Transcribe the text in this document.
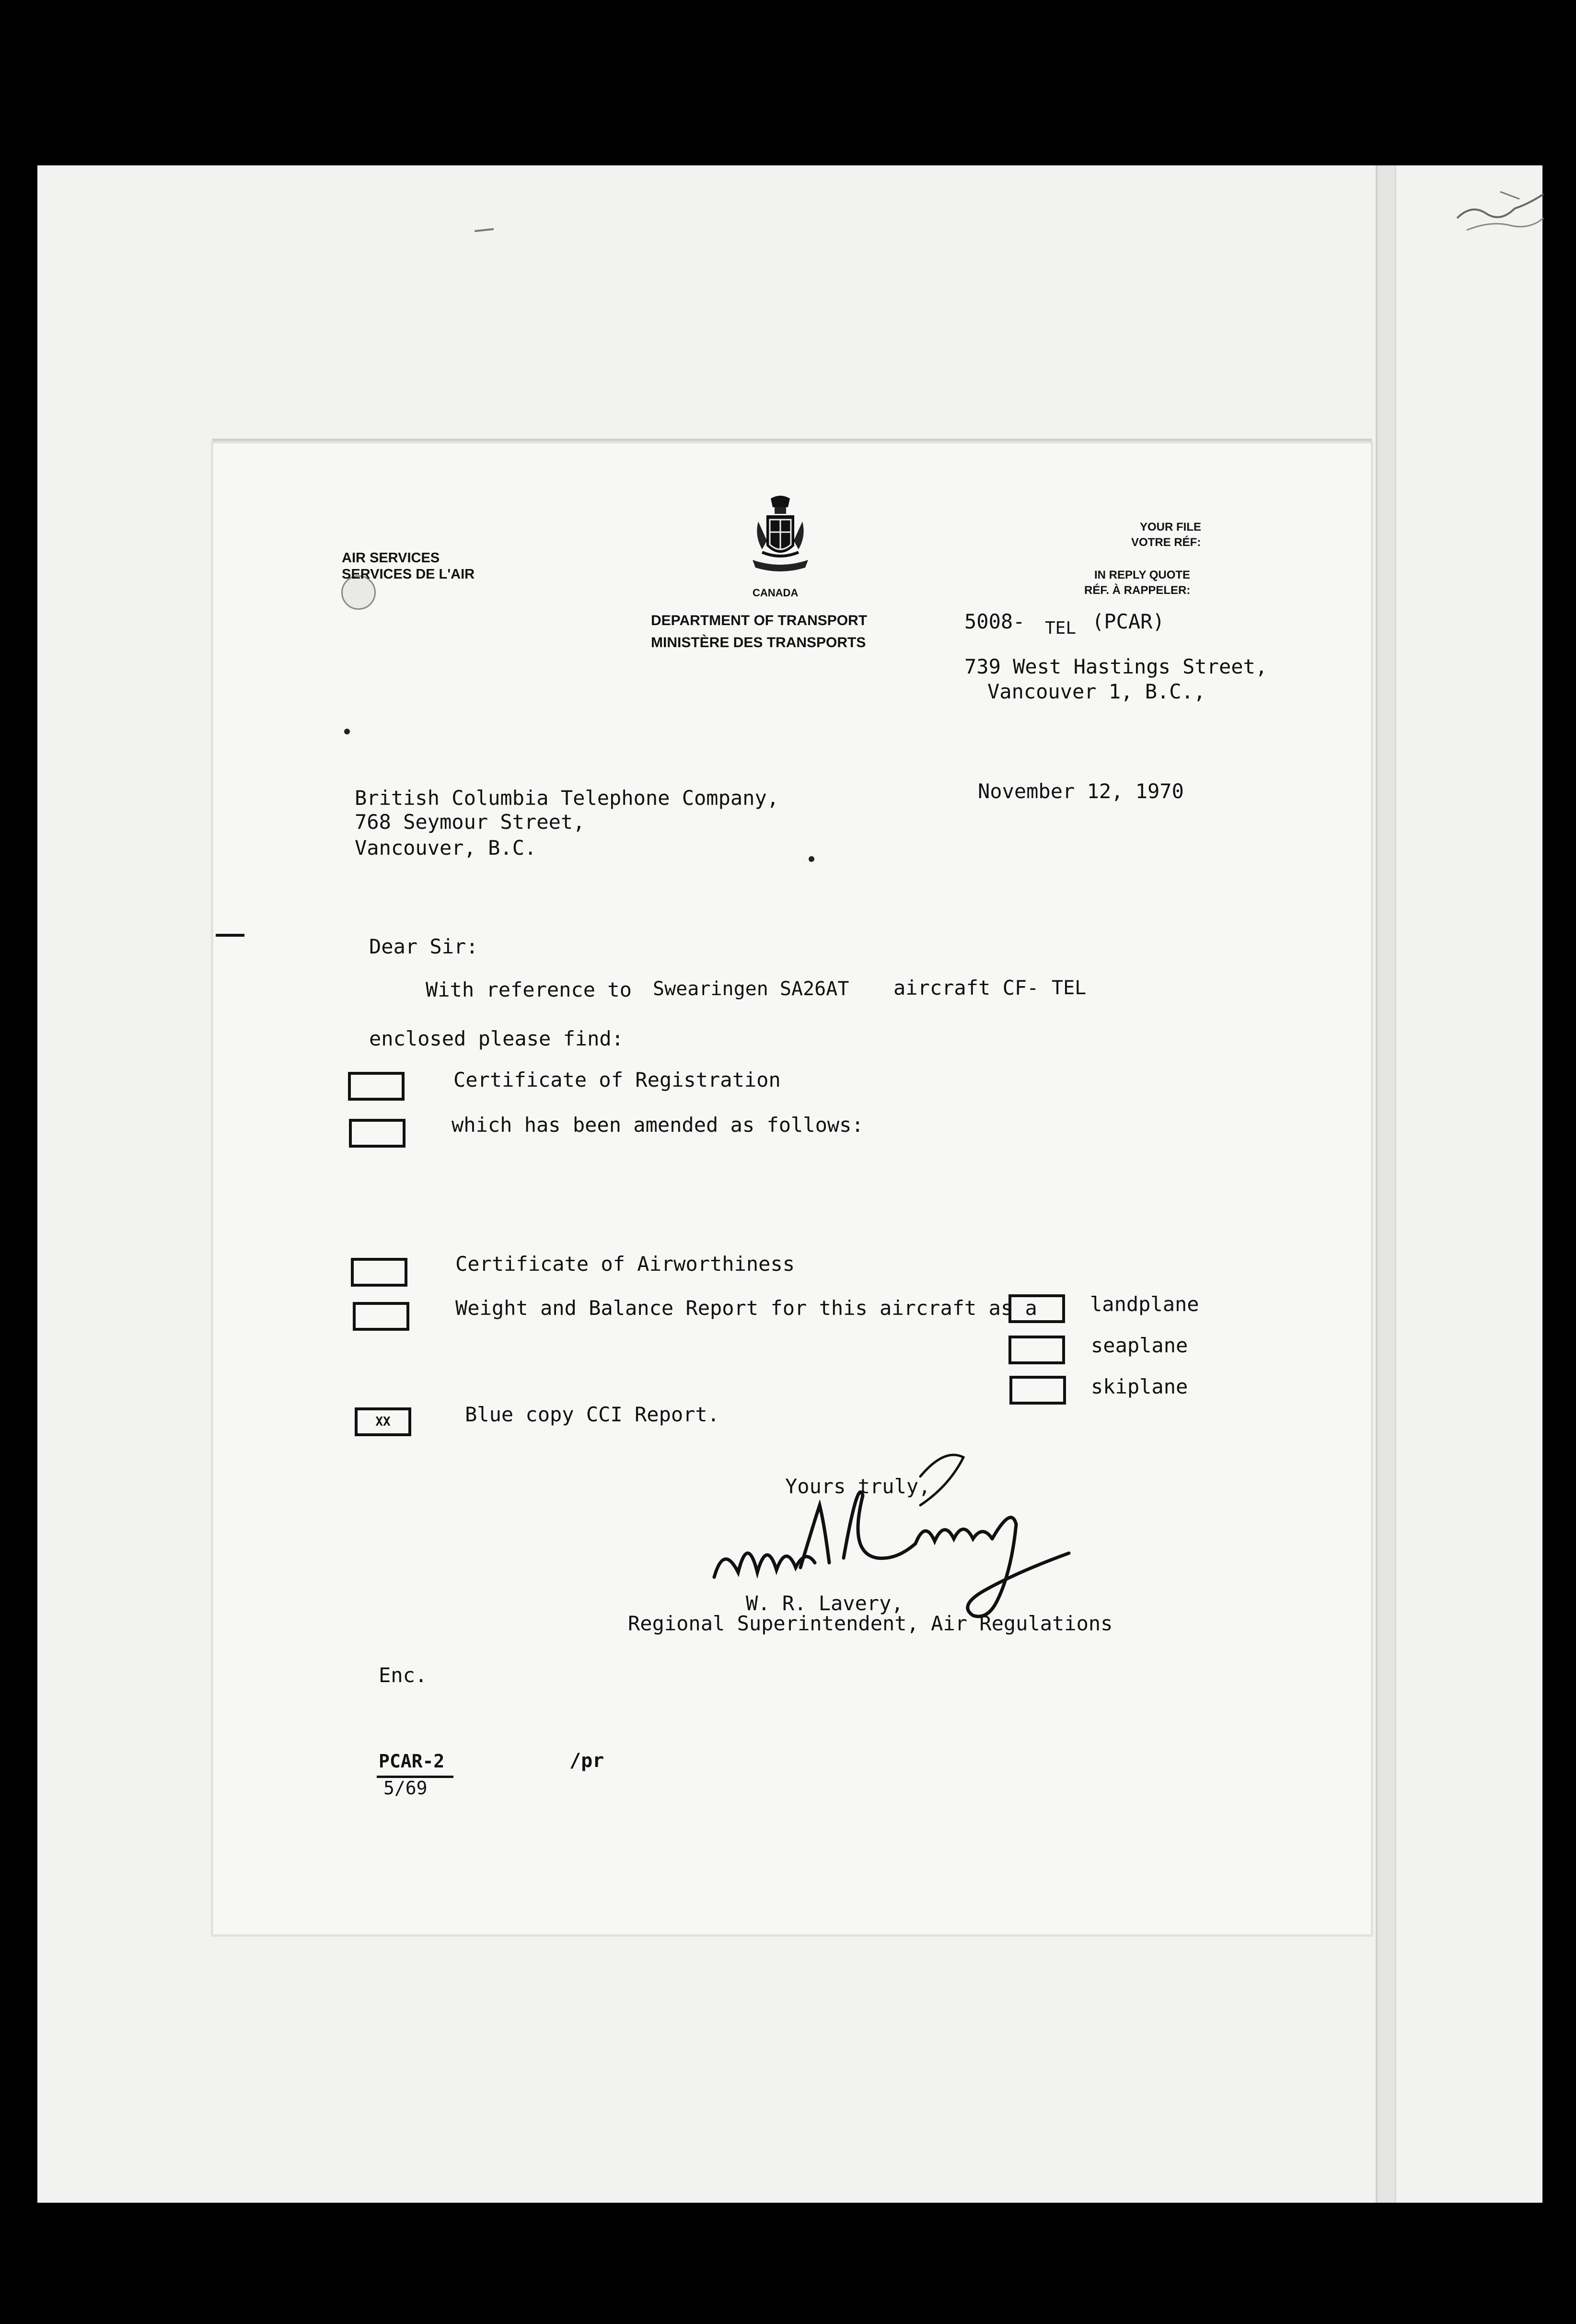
AIR SERVICES
SERVICES DE L'AIR
CANADA
DEPARTMENT OF TRANSPORT
MINISTÈRE DES TRANSPORTS
YOUR FILE
VOTRE RÉF:
IN REPLY QUOTE
RÉF. À RAPPELER:
5008- TEL (PCAR)
739 West Hastings Street,
Vancouver 1, B.C.,
November 12, 1970
British Columbia Telephone Company,
768 Seymour Street,
Vancouver, B.C.
Dear Sir:
With reference to Swearingen SA26AT aircraft CF- TEL
enclosed please find:
Certificate of Registration
which has been amended as follows:
Certificate of Airworthiness
Weight and Balance Report for this aircraft as a	landplane
seaplane
skiplane
XX	Blue copy CCI Report.
Yours truly,
W. R. Lavery,
Regional Superintendent, Air Regulations
Enc.
PCAR-2
5/69
/pr
